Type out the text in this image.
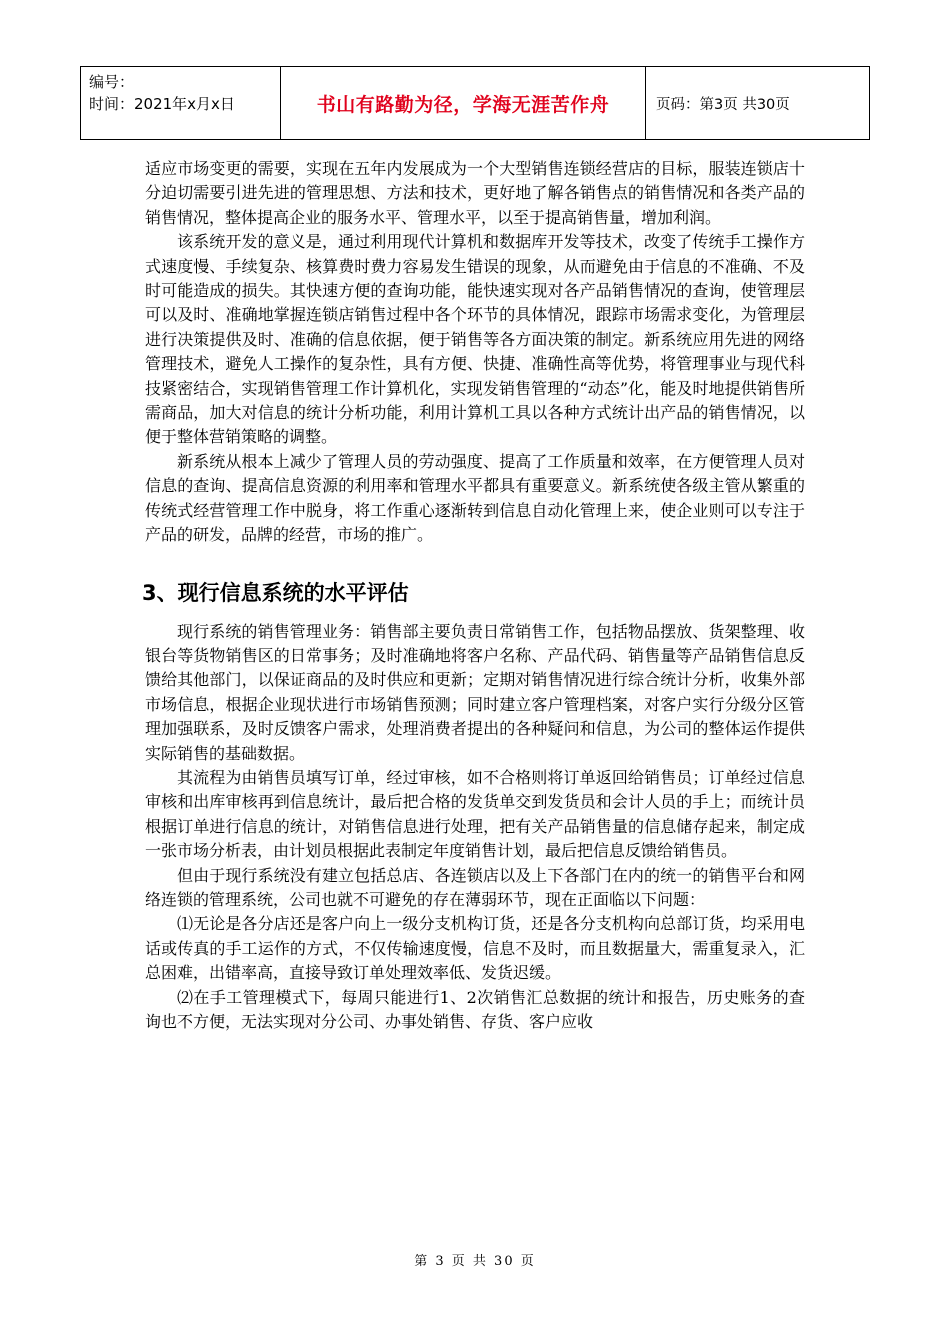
编号：
时间：2021年x月x日	书山有路勤为径，学海无涯苦作舟	页码：第3页 共30页

适应市场变更的需要，实现在五年内发展成为一个大型销售连锁经营店的目标，服装连锁店十分迫切需要引进先进的管理思想、方法和技术，更好地了解各销售点的销售情况和各类产品的销售情况，整体提高企业的服务水平、管理水平，以至于提高销售量，增加利润。

该系统开发的意义是，通过利用现代计算机和数据库开发等技术，改变了传统手工操作方式速度慢、手续复杂、核算费时费力容易发生错误的现象，从而避免由于信息的不准确、不及时可能造成的损失。其快速方便的查询功能，能快速实现对各产品销售情况的查询，使管理层可以及时、准确地掌握连锁店销售过程中各个环节的具体情况，跟踪市场需求变化，为管理层进行决策提供及时、准确的信息依据，便于销售等各方面决策的制定。新系统应用先进的网络管理技术，避免人工操作的复杂性，具有方便、快捷、准确性高等优势，将管理事业与现代科技紧密结合，实现销售管理工作计算机化，实现发销售管理的“动态”化，能及时地提供销售所需商品，加大对信息的统计分析功能，利用计算机工具以各种方式统计出产品的销售情况，以便于整体营销策略的调整。

新系统从根本上减少了管理人员的劳动强度、提高了工作质量和效率，在方便管理人员对信息的查询、提高信息资源的利用率和管理水平都具有重要意义。新系统使各级主管从繁重的传统式经营管理工作中脱身，将工作重心逐渐转到信息自动化管理上来，使企业则可以专注于产品的研发，品牌的经营，市场的推广。

3、现行信息系统的水平评估

现行系统的销售管理业务：销售部主要负责日常销售工作，包括物品摆放、货架整理、收银台等货物销售区的日常事务；及时准确地将客户名称、产品代码、销售量等产品销售信息反馈给其他部门，以保证商品的及时供应和更新；定期对销售情况进行综合统计分析，收集外部市场信息，根据企业现状进行市场销售预测；同时建立客户管理档案，对客户实行分级分区管理加强联系，及时反馈客户需求，处理消费者提出的各种疑问和信息，为公司的整体运作提供实际销售的基础数据。

其流程为由销售员填写订单，经过审核，如不合格则将订单返回给销售员；订单经过信息审核和出库审核再到信息统计，最后把合格的发货单交到发货员和会计人员的手上；而统计员根据订单进行信息的统计，对销售信息进行处理，把有关产品销售量的信息储存起来，制定成一张市场分析表，由计划员根据此表制定年度销售计划，最后把信息反馈给销售员。

但由于现行系统没有建立包括总店、各连锁店以及上下各部门在内的统一的销售平台和网络连锁的管理系统，公司也就不可避免的存在薄弱环节，现在正面临以下问题：

⑴无论是各分店还是客户向上一级分支机构订货，还是各分支机构向总部订货，均采用电话或传真的手工运作的方式，不仅传输速度慢，信息不及时，而且数据量大，需重复录入，汇总困难，出错率高，直接导致订单处理效率低、发货迟缓。

⑵在手工管理模式下，每周只能进行1、2次销售汇总数据的统计和报告，历史账务的查询也不方便，无法实现对分公司、办事处销售、存货、客户应收

第 3 页 共 30 页
